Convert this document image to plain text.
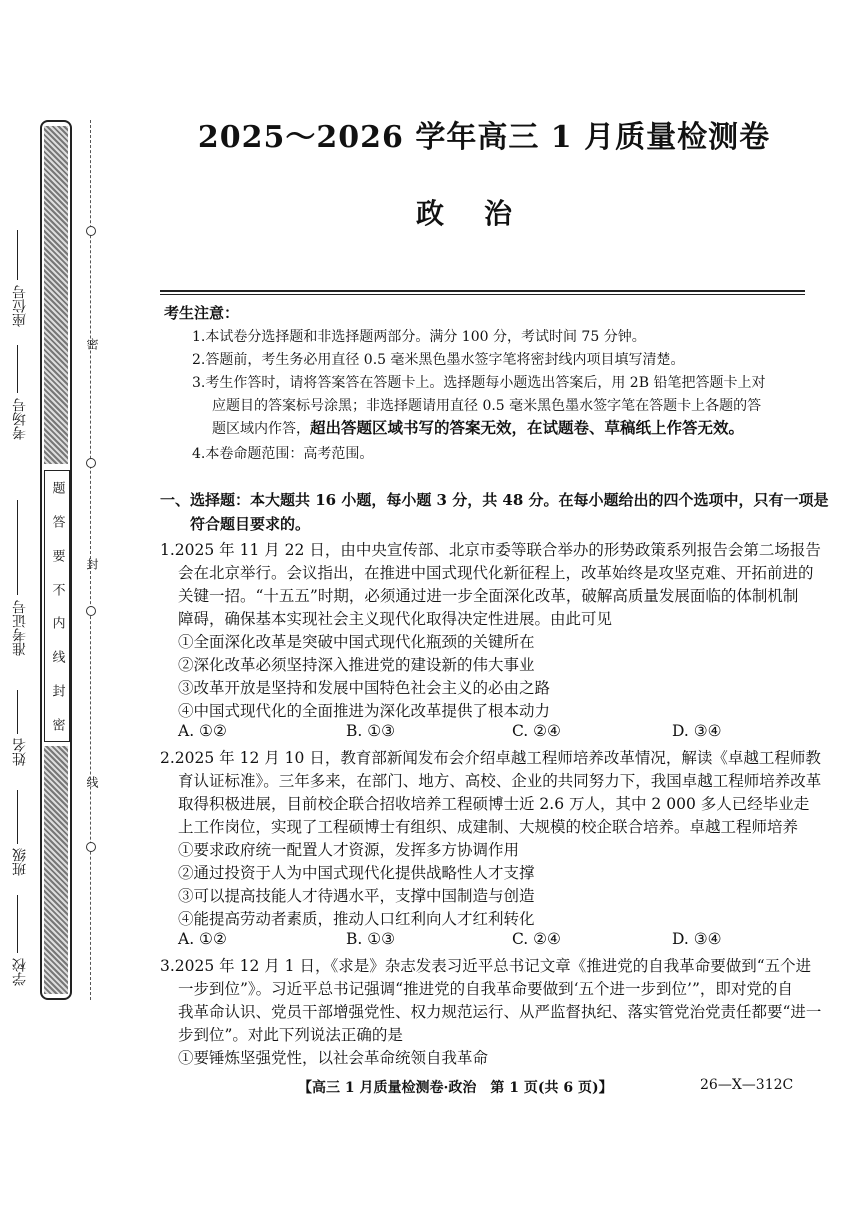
题
答
要
不
内
线
封
密
座位号
考场号
准考证号
姓名
班级
学校
密
封
线
2025～2026 学年高三 1 月质量检测卷
政治
考生注意：
1.本试卷分选择题和非选择题两部分。满分 100 分，考试时间 75 分钟。
2.答题前，考生务必用直径 0.5 毫米黑色墨水签字笔将密封线内项目填写清楚。
3.考生作答时，请将答案答在答题卡上。选择题每小题选出答案后，用 2B 铅笔把答题卡上对
应题目的答案标号涂黑；非选择题请用直径 0.5 毫米黑色墨水签字笔在答题卡上各题的答
题区域内作答，超出答题区域书写的答案无效，在试题卷、草稿纸上作答无效。
4.本卷命题范围：高考范围。
一、选择题：本大题共 16 小题，每小题 3 分，共 48 分。在每小题给出的四个选项中，只有一项是
符合题目要求的。
1.2025 年 11 月 22 日，由中央宣传部、北京市委等联合举办的形势政策系列报告会第二场报告
会在北京举行。会议指出，在推进中国式现代化新征程上，改革始终是攻坚克难、开拓前进的
关键一招。“十五五”时期，必须通过进一步全面深化改革，破解高质量发展面临的体制机制
障碍，确保基本实现社会主义现代化取得决定性进展。由此可见
①全面深化改革是突破中国式现代化瓶颈的关键所在
②深化改革必须坚持深入推进党的建设新的伟大事业
③改革开放是坚持和发展中国特色社会主义的必由之路
④中国式现代化的全面推进为深化改革提供了根本动力
A. ①②	B. ①③	C. ②④	D. ③④
2.2025 年 12 月 10 日，教育部新闻发布会介绍卓越工程师培养改革情况，解读《卓越工程师教
育认证标准》。三年多来，在部门、地方、高校、企业的共同努力下，我国卓越工程师培养改革
取得积极进展，目前校企联合招收培养工程硕博士近 2.6 万人，其中 2 000 多人已经毕业走
上工作岗位，实现了工程硕博士有组织、成建制、大规模的校企联合培养。卓越工程师培养
①要求政府统一配置人才资源，发挥多方协调作用
②通过投资于人为中国式现代化提供战略性人才支撑
③可以提高技能人才待遇水平，支撑中国制造与创造
④能提高劳动者素质，推动人口红利向人才红利转化
A. ①②	B. ①③	C. ②④	D. ③④
3.2025 年 12 月 1 日，《求是》杂志发表习近平总书记文章《推进党的自我革命要做到“五个进
一步到位”》。习近平总书记强调“推进党的自我革命要做到‘五个进一步到位’”，即对党的自
我革命认识、党员干部增强党性、权力规范运行、从严监督执纪、落实管党治党责任都要“进一
步到位”。对此下列说法正确的是
①要锤炼坚强党性，以社会革命统领自我革命
【高三 1 月质量检测卷·政治　第 1 页(共 6 页)】	26—X—312C
